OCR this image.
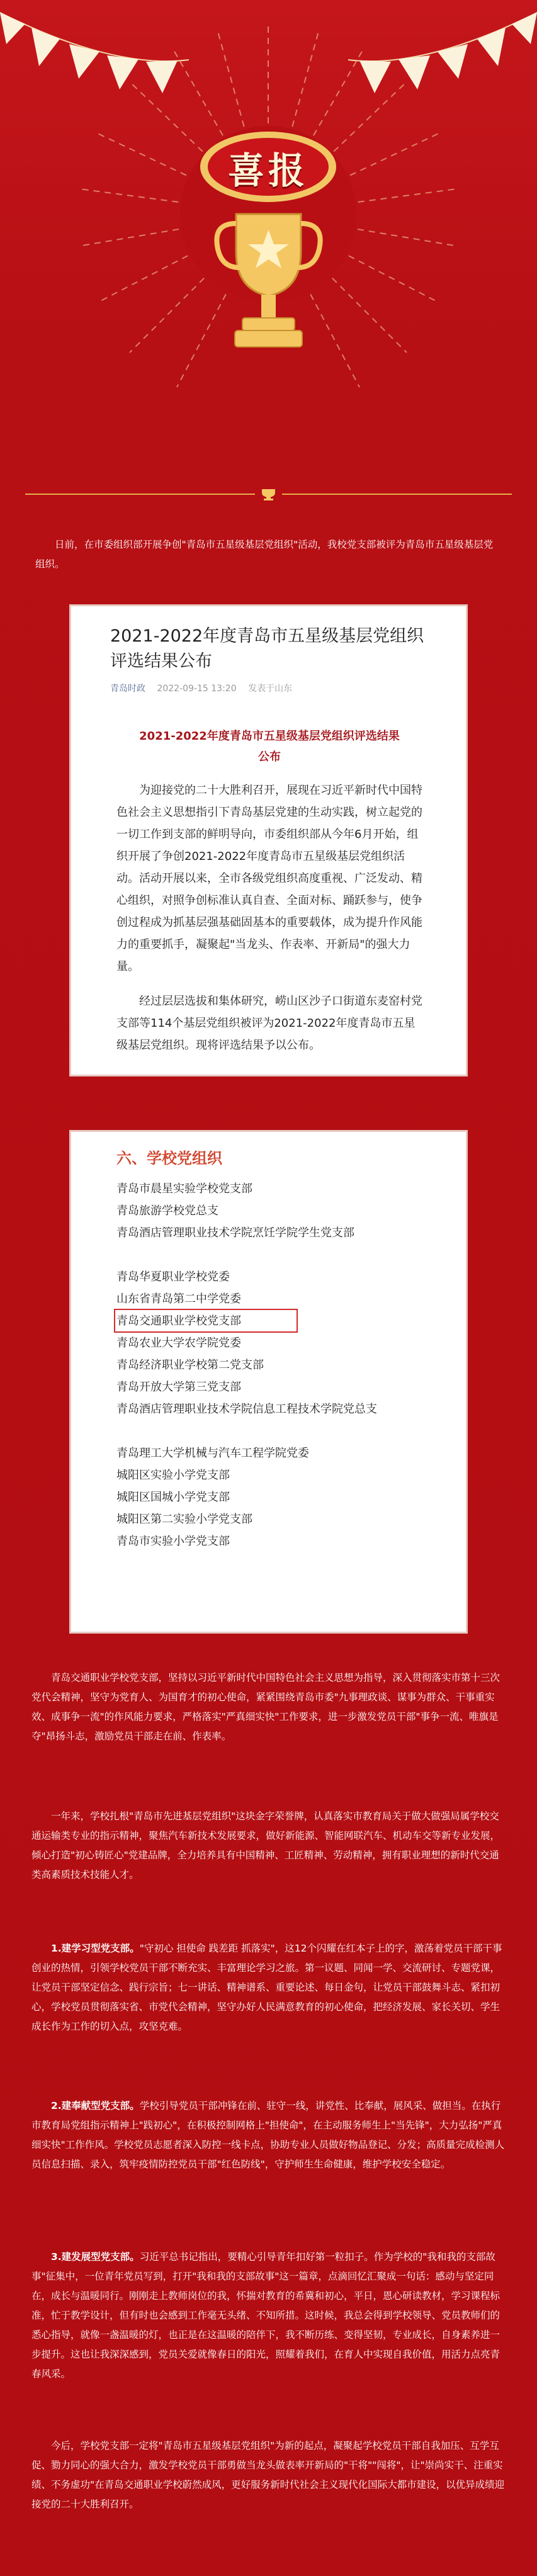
喜报

日前，在市委组织部开展争创"青岛市五星级基层党组织"活动，我校党支部被评为青岛市五星级基层党组织。

2021-2022年度青岛市五星级基层党组织评选结果公布
青岛时政 2022-09-15 13:20 发表于山东
2021-2022年度青岛市五星级基层党组织评选结果公布

为迎接党的二十大胜利召开，展现在习近平新时代中国特色社会主义思想指引下青岛基层党建的生动实践，树立起党的一切工作到支部的鲜明导向，市委组织部从今年6月开始，组织开展了争创2021-2022年度青岛市五星级基层党组织活动。活动开展以来，全市各级党组织高度重视、广泛发动、精心组织，对照争创标准认真自查、全面对标、踊跃参与，使争创过程成为抓基层强基础固基本的重要载体，成为提升作风能力的重要抓手，凝聚起"当龙头、作表率、开新局"的强大力量。

经过层层选拔和集体研究，崂山区沙子口街道东麦窑村党支部等114个基层党组织被评为2021-2022年度青岛市五星级基层党组织。现将评选结果予以公布。

六、学校党组织
青岛市晨星实验学校党支部
青岛旅游学校党总支
青岛酒店管理职业技术学院烹饪学院学生党支部
青岛华夏职业学校党委
山东省青岛第二中学党委
青岛交通职业学校党支部
青岛农业大学农学院党委
青岛经济职业学校第二党支部
青岛开放大学第三党支部
青岛酒店管理职业技术学院信息工程技术学院党总支
青岛理工大学机械与汽车工程学院党委
城阳区实验小学党支部
城阳区国城小学党支部
城阳区第二实验小学党支部
青岛市实验小学党支部

青岛交通职业学校党支部，坚持以习近平新时代中国特色社会主义思想为指导，深入贯彻落实市第十三次党代会精神，坚守为党育人、为国育才的初心使命，紧紧围绕青岛市委"九事理政谈、谋事为群众、干事重实效、成事争一流"的作风能力要求，严格落实"严真细实快"工作要求，进一步激发党员干部"事争一流、唯旗是夺"昂扬斗志，激励党员干部走在前、作表率。

一年来，学校扎根"青岛市先进基层党组织"这块金字荣誉牌，认真落实市教育局关于做大做强局属学校交通运输类专业的指示精神，聚焦汽车新技术发展要求，做好新能源、智能网联汽车、机动车交等新专业发展，倾心打造"初心铸匠心"党建品牌，全力培养具有中国精神、工匠精神、劳动精神，拥有职业理想的新时代交通类高素质技术技能人才。

1.建学习型党支部。"守初心 担使命 践差距 抓落实"，这12个闪耀在红本子上的字，激荡着党员干部干事创业的热情，引领学校党员干部不断充实、丰富理论学习之旅。第一议题、同闻一学、交流研讨、专题党课，让党员干部坚定信念、践行宗旨；七一讲话、精神谱系、重要论述、每日金句，让党员干部鼓舞斗志、紧扣初心，学校党员贯彻落实省、市党代会精神，坚守办好人民满意教育的初心使命，把经济发展、家长关切、学生成长作为工作的切入点，攻坚克难。

2.建奉献型党支部。学校引导党员干部冲锋在前、驻守一线，讲党性、比奉献，展风采、做担当。在执行市教育局党组指示精神上"践初心"，在积极控制网格上"担使命"，在主动服务师生上"当先锋"，大力弘扬"严真细实快"工作作风。学校党员志愿者深入防控一线卡点，协助专业人员做好物品登记、分发；高质量完成检测人员信息扫描、录入，筑牢疫情防控党员干部"红色防线"，守护师生生命健康，维护学校安全稳定。

3.建发展型党支部。习近平总书记指出，要精心引导青年扣好第一粒扣子。作为学校的"我和我的支部故事"征集中，一位青年党员写到，打开"我和我的支部故事"这一篇章，点滴回忆汇聚成一句话：感动与坚定同在，成长与温暖同行。刚刚走上教师岗位的我，怀揣对教育的希冀和初心，平日，恩心研读教材，学习课程标准，忙于教学设计，但有时也会感到工作毫无头绪、不知所措。这时候，我总会得到学校领导、党员教师们的悉心指导，就像一盏温暖的灯，也正是在这温暖的陪伴下，我不断历练、变得坚韧，专业成长，自身素养进一步提升。这也让我深深感到，党员关爱就像春日的阳光，照耀着我们，在育人中实现自我价值，用活力点亮青春风采。

今后，学校党支部一定将"青岛市五星级基层党组织"为新的起点，凝聚起学校党员干部自我加压、互学互促、勠力同心的强大合力，激发学校党员干部勇做当龙头做表率开新局的"干将""闯将"，让"崇尚实干、注重实绩、不务虚功"在青岛交通职业学校蔚然成风，更好服务新时代社会主义现代化国际大都市建设，以优异成绩迎接党的二十大胜利召开。
